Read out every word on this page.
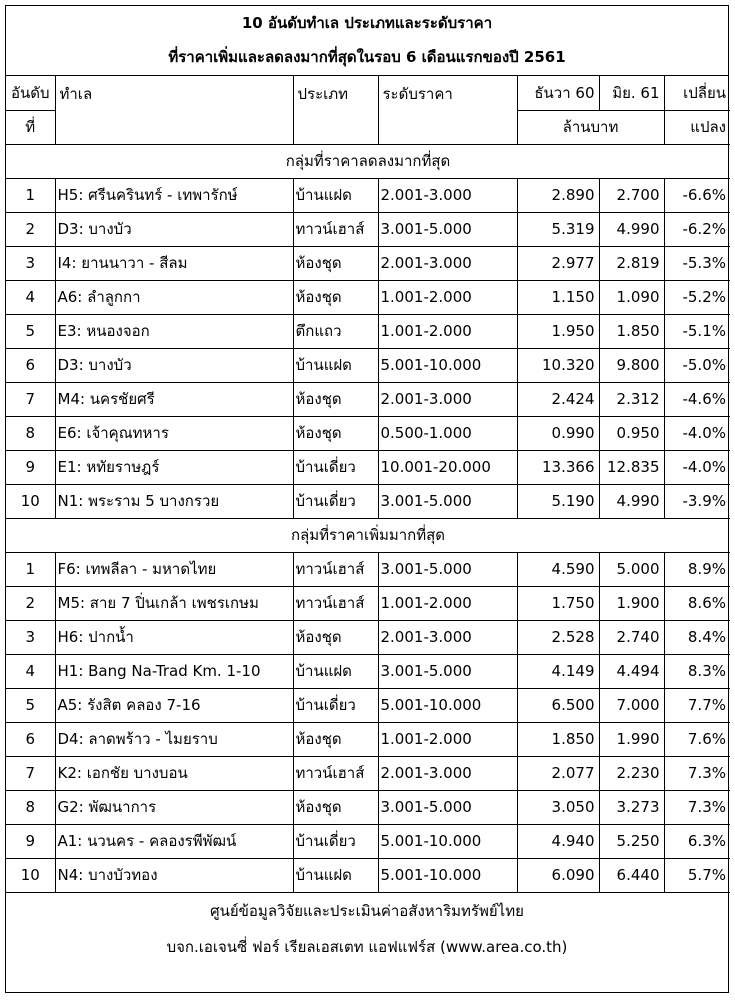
10 อันดับทำเล ประเภทและระดับราคา
ที่ราคาเพิ่มและลดลงมากที่สุดในรอบ 6 เดือนแรกของปี 2561
อันดับ	ทำเล	ประเภท	ระดับราคา	ธันวา 60	มิย. 61	เปลี่ยน
ที่				ล้านบาท		แปลง
กลุ่มที่ราคาลดลงมากที่สุด						
1	H5: ศรีนครินทร์ - เทพารักษ์	บ้านแฝด	2.001-3.000	2.890	2.700	-6.6%
2	D3: บางบัว	ทาวน์เฮาส์	3.001-5.000	5.319	4.990	-6.2%
3	I4: ยานนาวา - สีลม	ห้องชุด	2.001-3.000	2.977	2.819	-5.3%
4	A6: ลำลูกกา	ห้องชุด	1.001-2.000	1.150	1.090	-5.2%
5	E3: หนองจอก	ตึกแถว	1.001-2.000	1.950	1.850	-5.1%
6	D3: บางบัว	บ้านแฝด	5.001-10.000	10.320	9.800	-5.0%
7	M4: นครชัยศรี	ห้องชุด	2.001-3.000	2.424	2.312	-4.6%
8	E6: เจ้าคุณทหาร	ห้องชุด	0.500-1.000	0.990	0.950	-4.0%
9	E1: หทัยราษฎร์	บ้านเดี่ยว	10.001-20.000	13.366	12.835	-4.0%
10	N1: พระราม 5 บางกรวย	บ้านเดี่ยว	3.001-5.000	5.190	4.990	-3.9%
กลุ่มที่ราคาเพิ่มมากที่สุด						
1	F6: เทพลีลา - มหาดไทย	ทาวน์เฮาส์	3.001-5.000	4.590	5.000	8.9%
2	M5: สาย 7 ปิ่นเกล้า เพชรเกษม	ทาวน์เฮาส์	1.001-2.000	1.750	1.900	8.6%
3	H6: ปากน้ำ	ห้องชุด	2.001-3.000	2.528	2.740	8.4%
4	H1: Bang Na-Trad Km. 1-10	บ้านแฝด	3.001-5.000	4.149	4.494	8.3%
5	A5: รังสิต คลอง 7-16	บ้านเดี่ยว	5.001-10.000	6.500	7.000	7.7%
6	D4: ลาดพร้าว - ไมยราบ	ห้องชุด	1.001-2.000	1.850	1.990	7.6%
7	K2: เอกชัย บางบอน	ทาวน์เฮาส์	2.001-3.000	2.077	2.230	7.3%
8	G2: พัฒนาการ	ห้องชุด	3.001-5.000	3.050	3.273	7.3%
9	A1: นวนคร - คลองรพีพัฒน์	บ้านเดี่ยว	5.001-10.000	4.940	5.250	6.3%
10	N4: บางบัวทอง	บ้านแฝด	5.001-10.000	6.090	6.440	5.7%
ศูนย์ข้อมูลวิจัยและประเมินค่าอสังหาริมทรัพย์ไทย
บจก.เอเจนซี่ ฟอร์ เรียลเอสเตท แอฟแฟร์ส (www.area.co.th)
